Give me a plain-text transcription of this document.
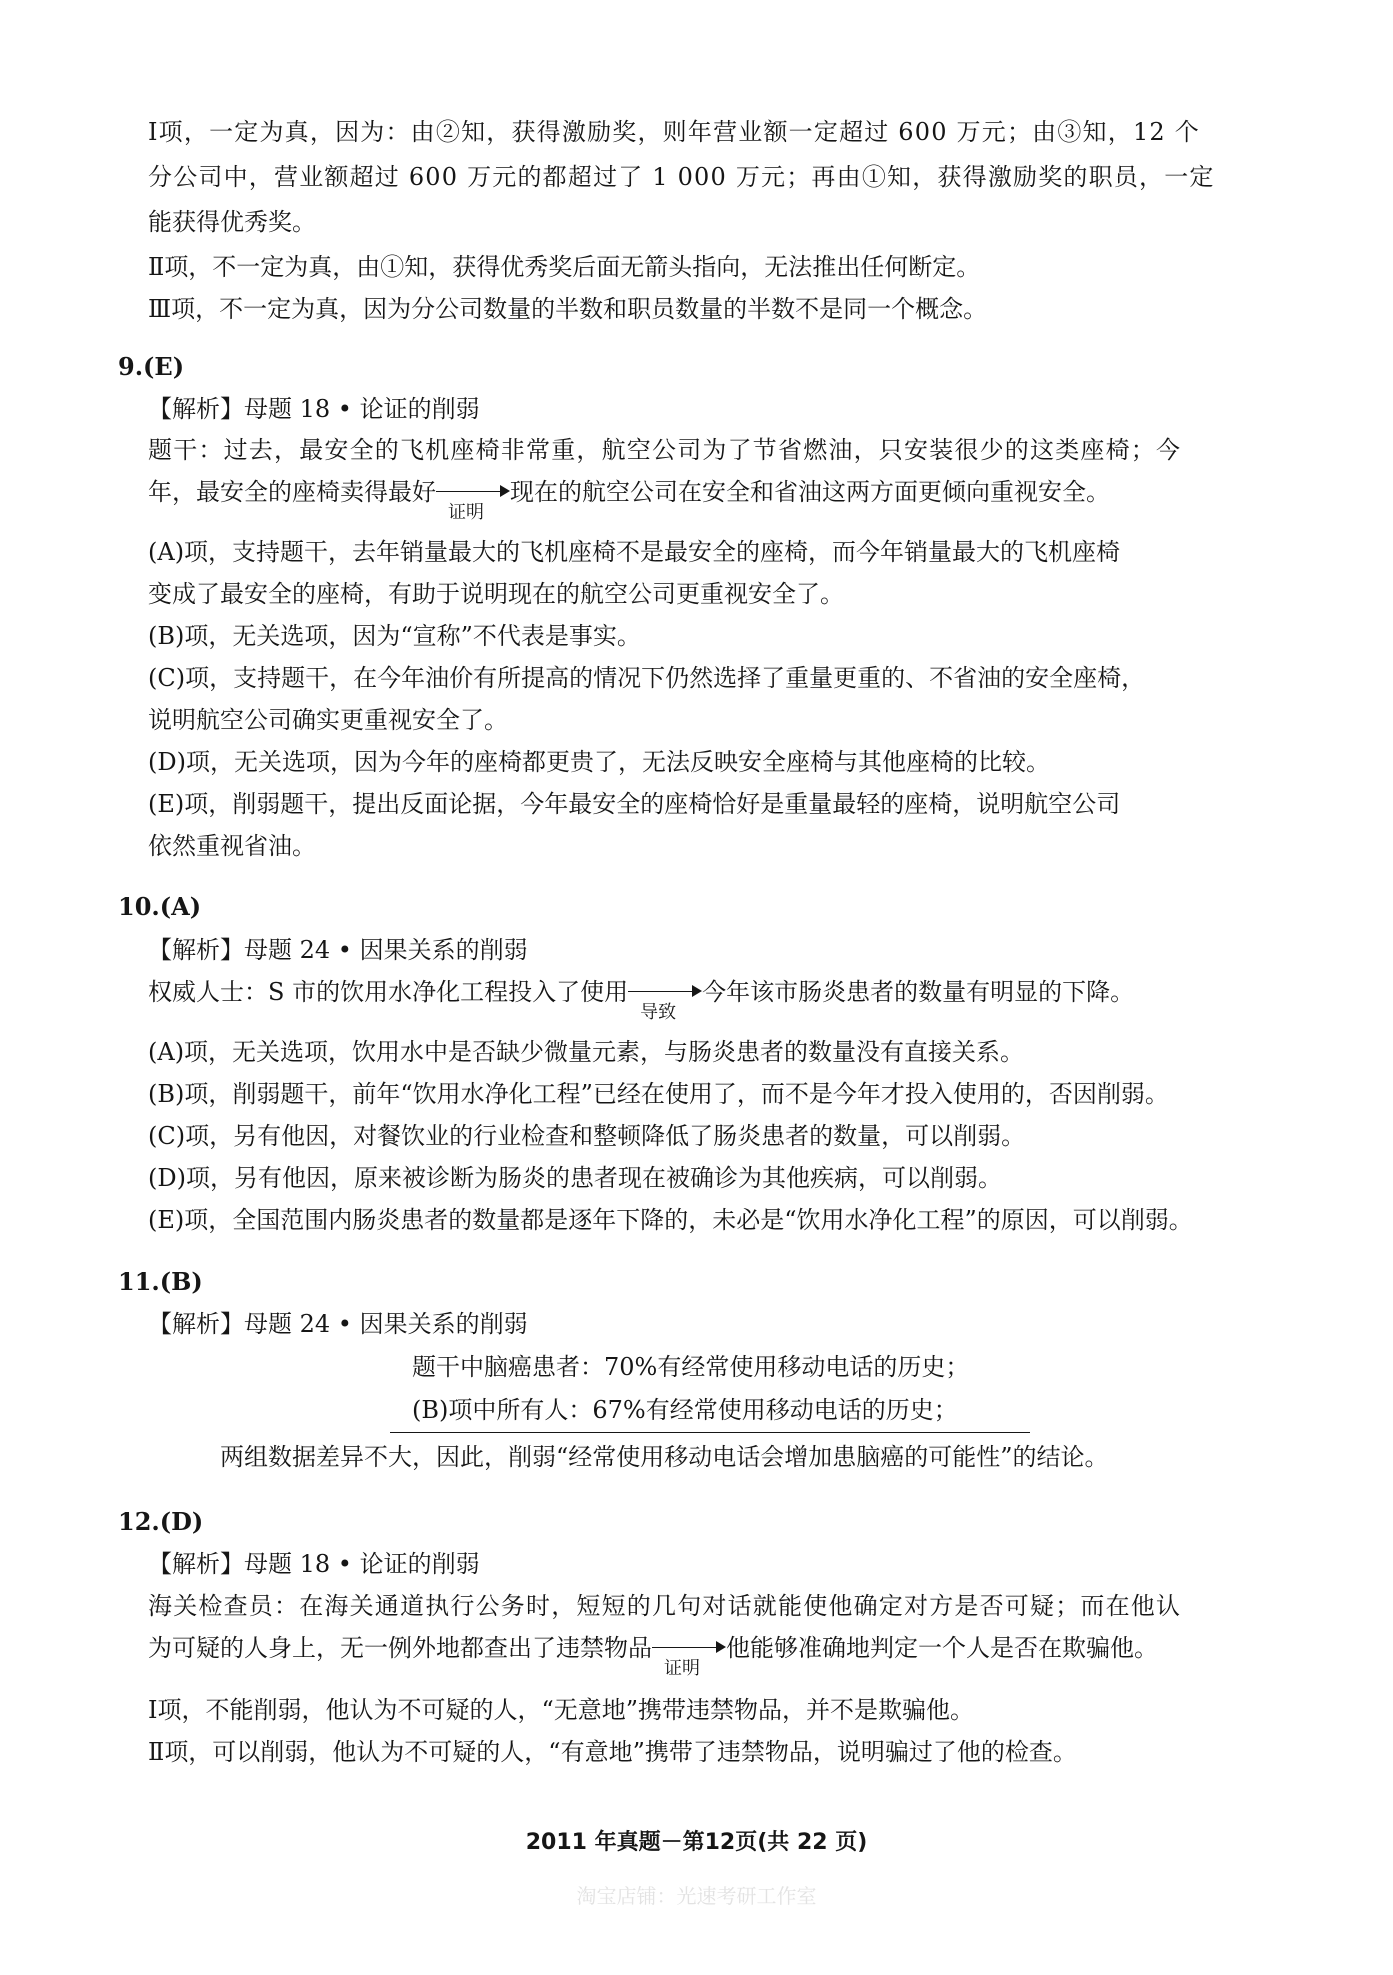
Ⅰ项，一定为真，因为：由②知，获得激励奖，则年营业额一定超过 600 万元；由③知，12 个
分公司中，营业额超过 600 万元的都超过了 1 000 万元；再由①知，获得激励奖的职员，一定
能获得优秀奖。
Ⅱ项，不一定为真，由①知，获得优秀奖后面无箭头指向，无法推出任何断定。
Ⅲ项，不一定为真，因为分公司数量的半数和职员数量的半数不是同一个概念。
9.(E)
【解析】母题 18 • 论证的削弱
题干：过去，最安全的飞机座椅非常重，航空公司为了节省燃油，只安装很少的这类座椅；今
年，最安全的座椅卖得最好
证明
现在的航空公司在安全和省油这两方面更倾向重视安全。
(A)项，支持题干，去年销量最大的飞机座椅不是最安全的座椅，而今年销量最大的飞机座椅
变成了最安全的座椅，有助于说明现在的航空公司更重视安全了。
(B)项，无关选项，因为“宣称”不代表是事实。
(C)项，支持题干，在今年油价有所提高的情况下仍然选择了重量更重的、不省油的安全座椅，
说明航空公司确实更重视安全了。
(D)项，无关选项，因为今年的座椅都更贵了，无法反映安全座椅与其他座椅的比较。
(E)项，削弱题干，提出反面论据，今年最安全的座椅恰好是重量最轻的座椅，说明航空公司
依然重视省油。
10.(A)
【解析】母题 24 • 因果关系的削弱
权威人士：S 市的饮用水净化工程投入了使用
导致
今年该市肠炎患者的数量有明显的下降。
(A)项，无关选项，饮用水中是否缺少微量元素，与肠炎患者的数量没有直接关系。
(B)项，削弱题干，前年“饮用水净化工程”已经在使用了，而不是今年才投入使用的，否因削弱。
(C)项，另有他因，对餐饮业的行业检查和整顿降低了肠炎患者的数量，可以削弱。
(D)项，另有他因，原来被诊断为肠炎的患者现在被确诊为其他疾病，可以削弱。
(E)项，全国范围内肠炎患者的数量都是逐年下降的，未必是“饮用水净化工程”的原因，可以削弱。
11.(B)
【解析】母题 24 • 因果关系的削弱
题干中脑癌患者：70%有经常使用移动电话的历史；
(B)项中所有人：67%有经常使用移动电话的历史；
两组数据差异不大，因此，削弱“经常使用移动电话会增加患脑癌的可能性”的结论。
12.(D)
【解析】母题 18 • 论证的削弱
海关检查员：在海关通道执行公务时，短短的几句对话就能使他确定对方是否可疑；而在他认
为可疑的人身上，无一例外地都查出了违禁物品
证明
他能够准确地判定一个人是否在欺骗他。
Ⅰ项，不能削弱，他认为不可疑的人，“无意地”携带违禁物品，并不是欺骗他。
Ⅱ项，可以削弱，他认为不可疑的人，“有意地”携带了违禁物品，说明骗过了他的检查。
2011 年真题－第12页(共 22 页)
淘宝店铺：光速考研工作室
